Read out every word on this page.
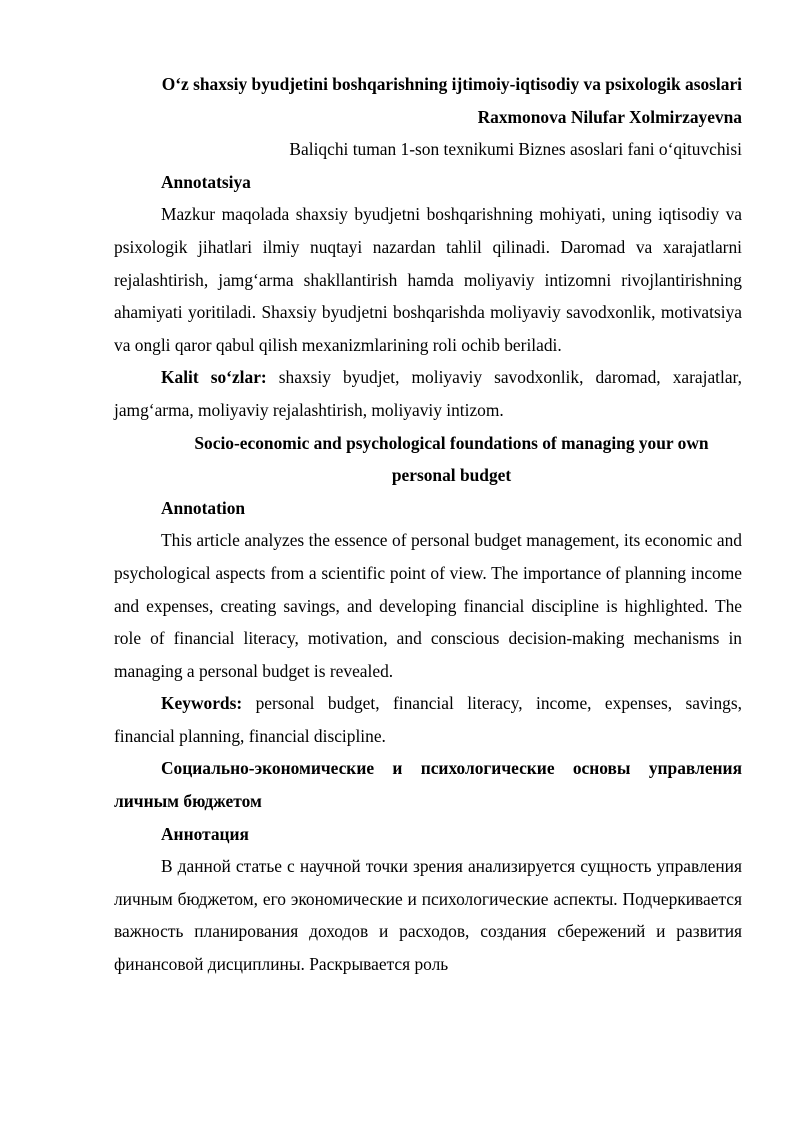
O‘z shaxsiy byudjetini boshqarishning ijtimoiy-iqtisodiy va psixologik asoslari

Raxmonova Nilufar Xolmirzayevna

Baliqchi tuman 1-son texnikumi Biznes asoslari fani o‘qituvchisi

Annotatsiya

Mazkur maqolada shaxsiy byudjetni boshqarishning mohiyati, uning iqtisodiy va psixologik jihatlari ilmiy nuqtayi nazardan tahlil qilinadi. Daromad va xarajatlarni rejalashtirish, jamg‘arma shakllantirish hamda moliyaviy intizomni rivojlantirishning ahamiyati yoritiladi. Shaxsiy byudjetni boshqarishda moliyaviy savodxonlik, motivatsiya va ongli qaror qabul qilish mexanizmlarining roli ochib beriladi.

Kalit so‘zlar: shaxsiy byudjet, moliyaviy savodxonlik, daromad, xarajatlar, jamg‘arma, moliyaviy rejalashtirish, moliyaviy intizom.

Socio-economic and psychological foundations of managing your own personal budget

Annotation

This article analyzes the essence of personal budget management, its economic and psychological aspects from a scientific point of view. The importance of planning income and expenses, creating savings, and developing financial discipline is highlighted. The role of financial literacy, motivation, and conscious decision-making mechanisms in managing a personal budget is revealed.

Keywords: personal budget, financial literacy, income, expenses, savings, financial planning, financial discipline.

Социально-экономические и психологические основы управления личным бюджетом

Аннотация

В данной статье с научной точки зрения анализируется сущность управления личным бюджетом, его экономические и психологические аспекты. Подчеркивается важность планирования доходов и расходов, создания сбережений и развития финансовой дисциплины. Раскрывается роль
